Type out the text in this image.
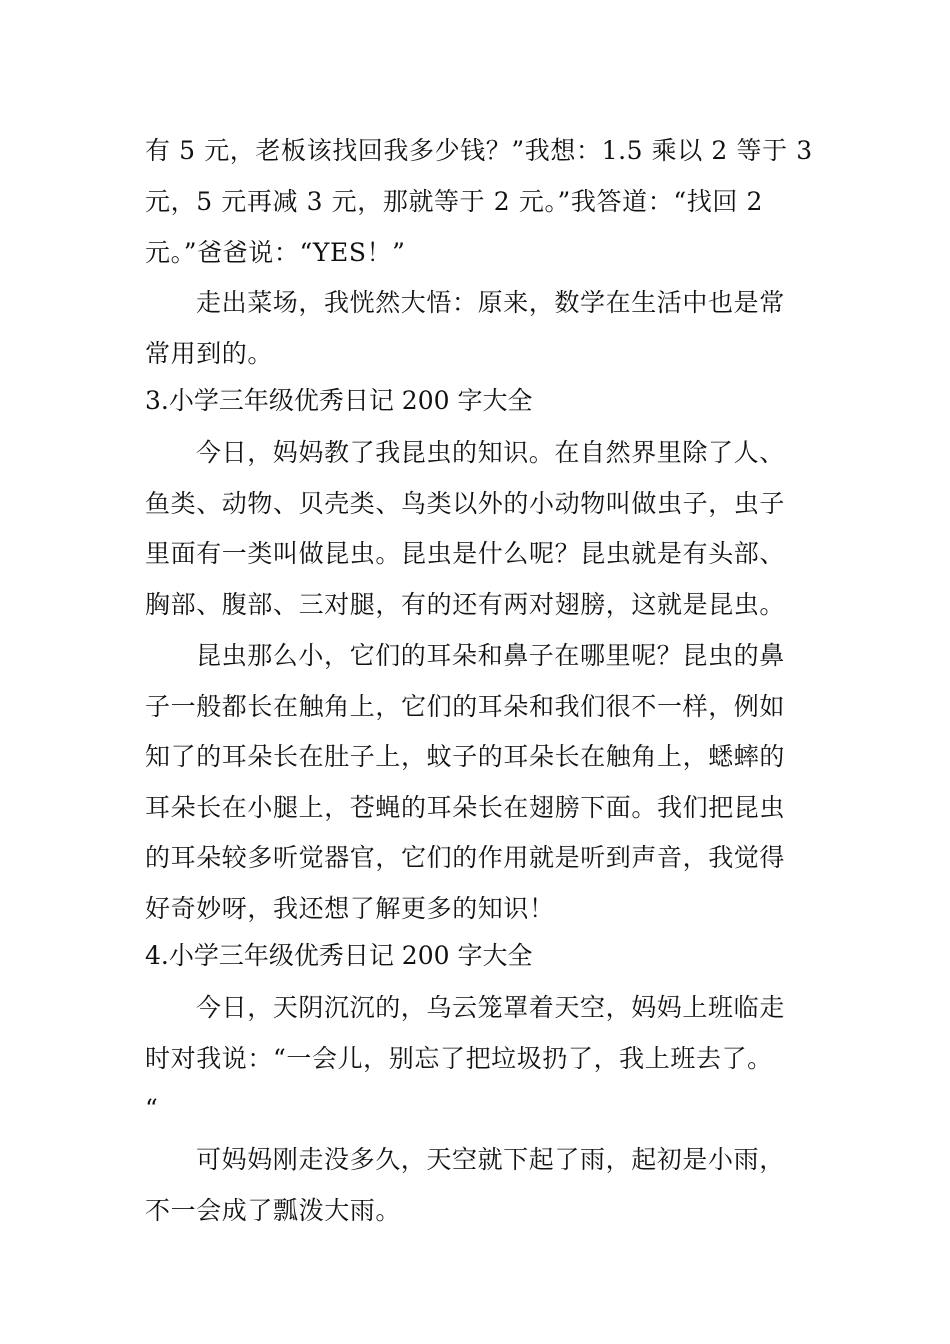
有 5 元，老板该找回我多少钱？”我想：1.5 乘以 2 等于 3
元，5 元再减 3 元，那就等于 2 元。”我答道：“找回 2
元。”爸爸说：“YES！”
走出菜场，我恍然大悟：原来，数学在生活中也是常
常用到的。
3.小学三年级优秀日记 200 字大全
今日，妈妈教了我昆虫的知识。在自然界里除了人、
鱼类、动物、贝壳类、鸟类以外的小动物叫做虫子，虫子
里面有一类叫做昆虫。昆虫是什么呢？昆虫就是有头部、
胸部、腹部、三对腿，有的还有两对翅膀，这就是昆虫。
昆虫那么小，它们的耳朵和鼻子在哪里呢？昆虫的鼻
子一般都长在触角上，它们的耳朵和我们很不一样，例如
知了的耳朵长在肚子上，蚊子的耳朵长在触角上，蟋蟀的
耳朵长在小腿上，苍蝇的耳朵长在翅膀下面。我们把昆虫
的耳朵较多听觉器官，它们的作用就是听到声音，我觉得
好奇妙呀，我还想了解更多的知识！
4.小学三年级优秀日记 200 字大全
今日，天阴沉沉的，乌云笼罩着天空，妈妈上班临走
时对我说：“一会儿，别忘了把垃圾扔了，我上班去了。
“
可妈妈刚走没多久，天空就下起了雨，起初是小雨，
不一会成了瓢泼大雨。
